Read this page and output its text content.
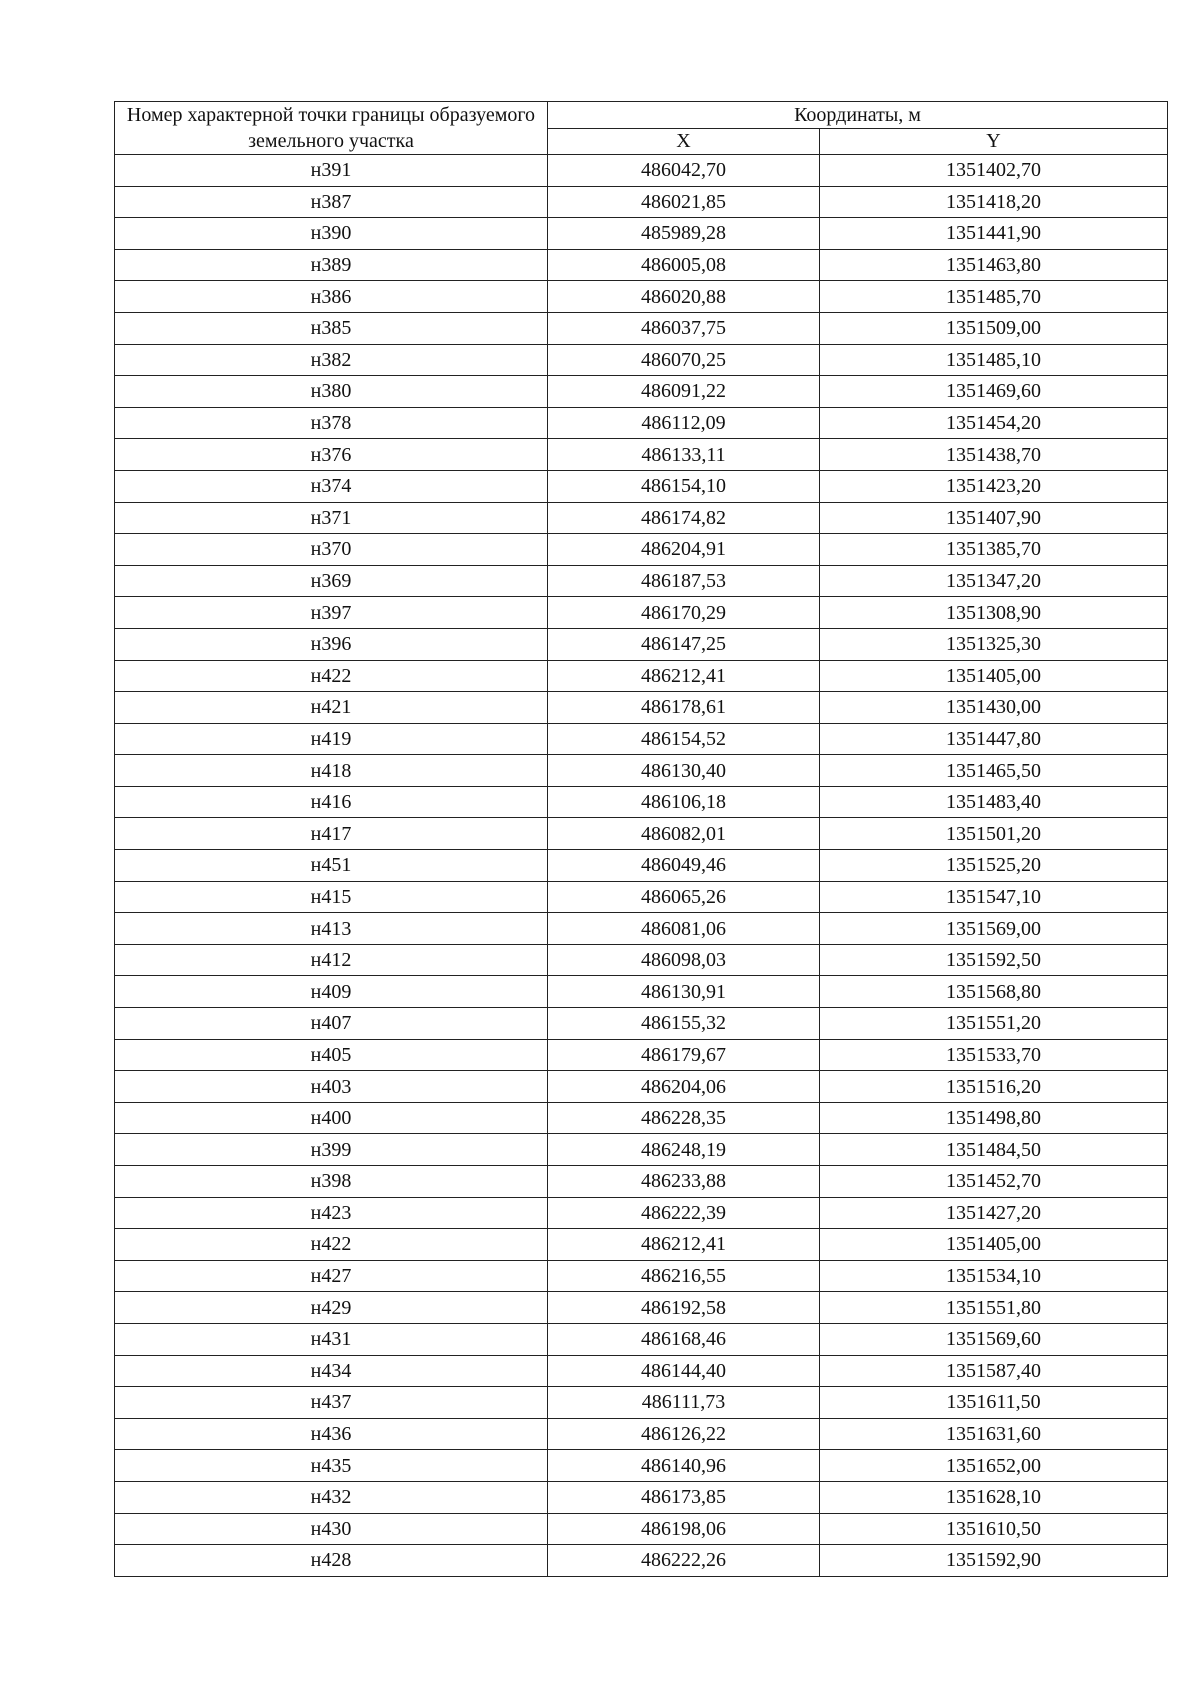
Номер характерной точки границы образуемого земельного участка	Координаты, м	
	X	Y
н391	486042,70	1351402,70
н387	486021,85	1351418,20
н390	485989,28	1351441,90
н389	486005,08	1351463,80
н386	486020,88	1351485,70
н385	486037,75	1351509,00
н382	486070,25	1351485,10
н380	486091,22	1351469,60
н378	486112,09	1351454,20
н376	486133,11	1351438,70
н374	486154,10	1351423,20
н371	486174,82	1351407,90
н370	486204,91	1351385,70
н369	486187,53	1351347,20
н397	486170,29	1351308,90
н396	486147,25	1351325,30
н422	486212,41	1351405,00
н421	486178,61	1351430,00
н419	486154,52	1351447,80
н418	486130,40	1351465,50
н416	486106,18	1351483,40
н417	486082,01	1351501,20
н451	486049,46	1351525,20
н415	486065,26	1351547,10
н413	486081,06	1351569,00
н412	486098,03	1351592,50
н409	486130,91	1351568,80
н407	486155,32	1351551,20
н405	486179,67	1351533,70
н403	486204,06	1351516,20
н400	486228,35	1351498,80
н399	486248,19	1351484,50
н398	486233,88	1351452,70
н423	486222,39	1351427,20
н422	486212,41	1351405,00
н427	486216,55	1351534,10
н429	486192,58	1351551,80
н431	486168,46	1351569,60
н434	486144,40	1351587,40
н437	486111,73	1351611,50
н436	486126,22	1351631,60
н435	486140,96	1351652,00
н432	486173,85	1351628,10
н430	486198,06	1351610,50
н428	486222,26	1351592,90
